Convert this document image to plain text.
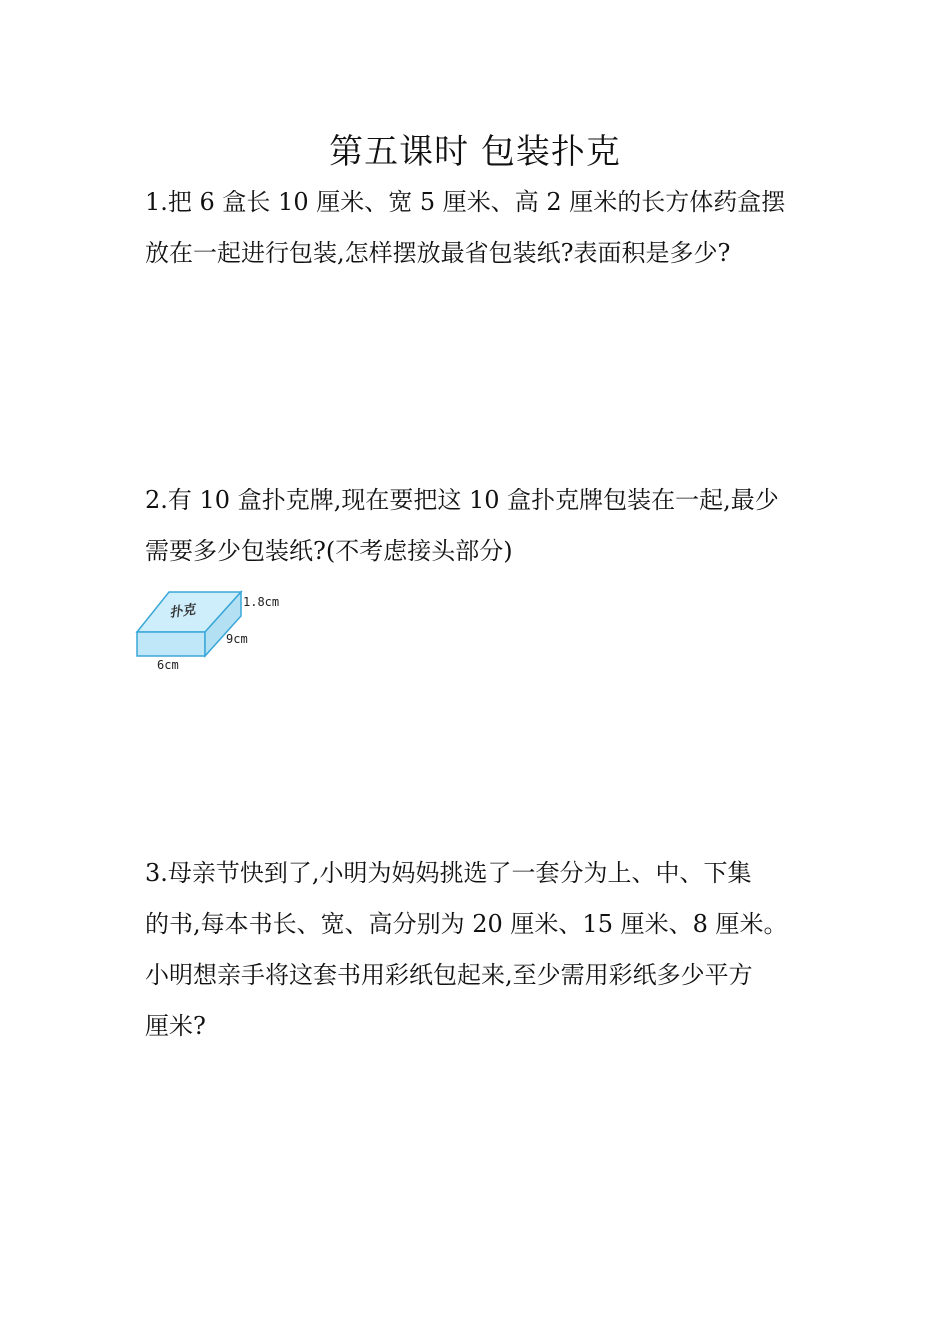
第五课时 包装扑克
1.把 6 盒长 10 厘米、宽 5 厘米、高 2 厘米的长方体药盒摆
放在一起进行包装,怎样摆放最省包装纸?表面积是多少?
2.有 10 盒扑克牌,现在要把这 10 盒扑克牌包装在一起,最少
需要多少包装纸?(不考虑接头部分)
扑克
1.8cm
9cm
6cm
3.母亲节快到了,小明为妈妈挑选了一套分为上、中、下集
的书,每本书长、宽、高分别为 20 厘米、15 厘米、8 厘米。
小明想亲手将这套书用彩纸包起来,至少需用彩纸多少平方
厘米?
